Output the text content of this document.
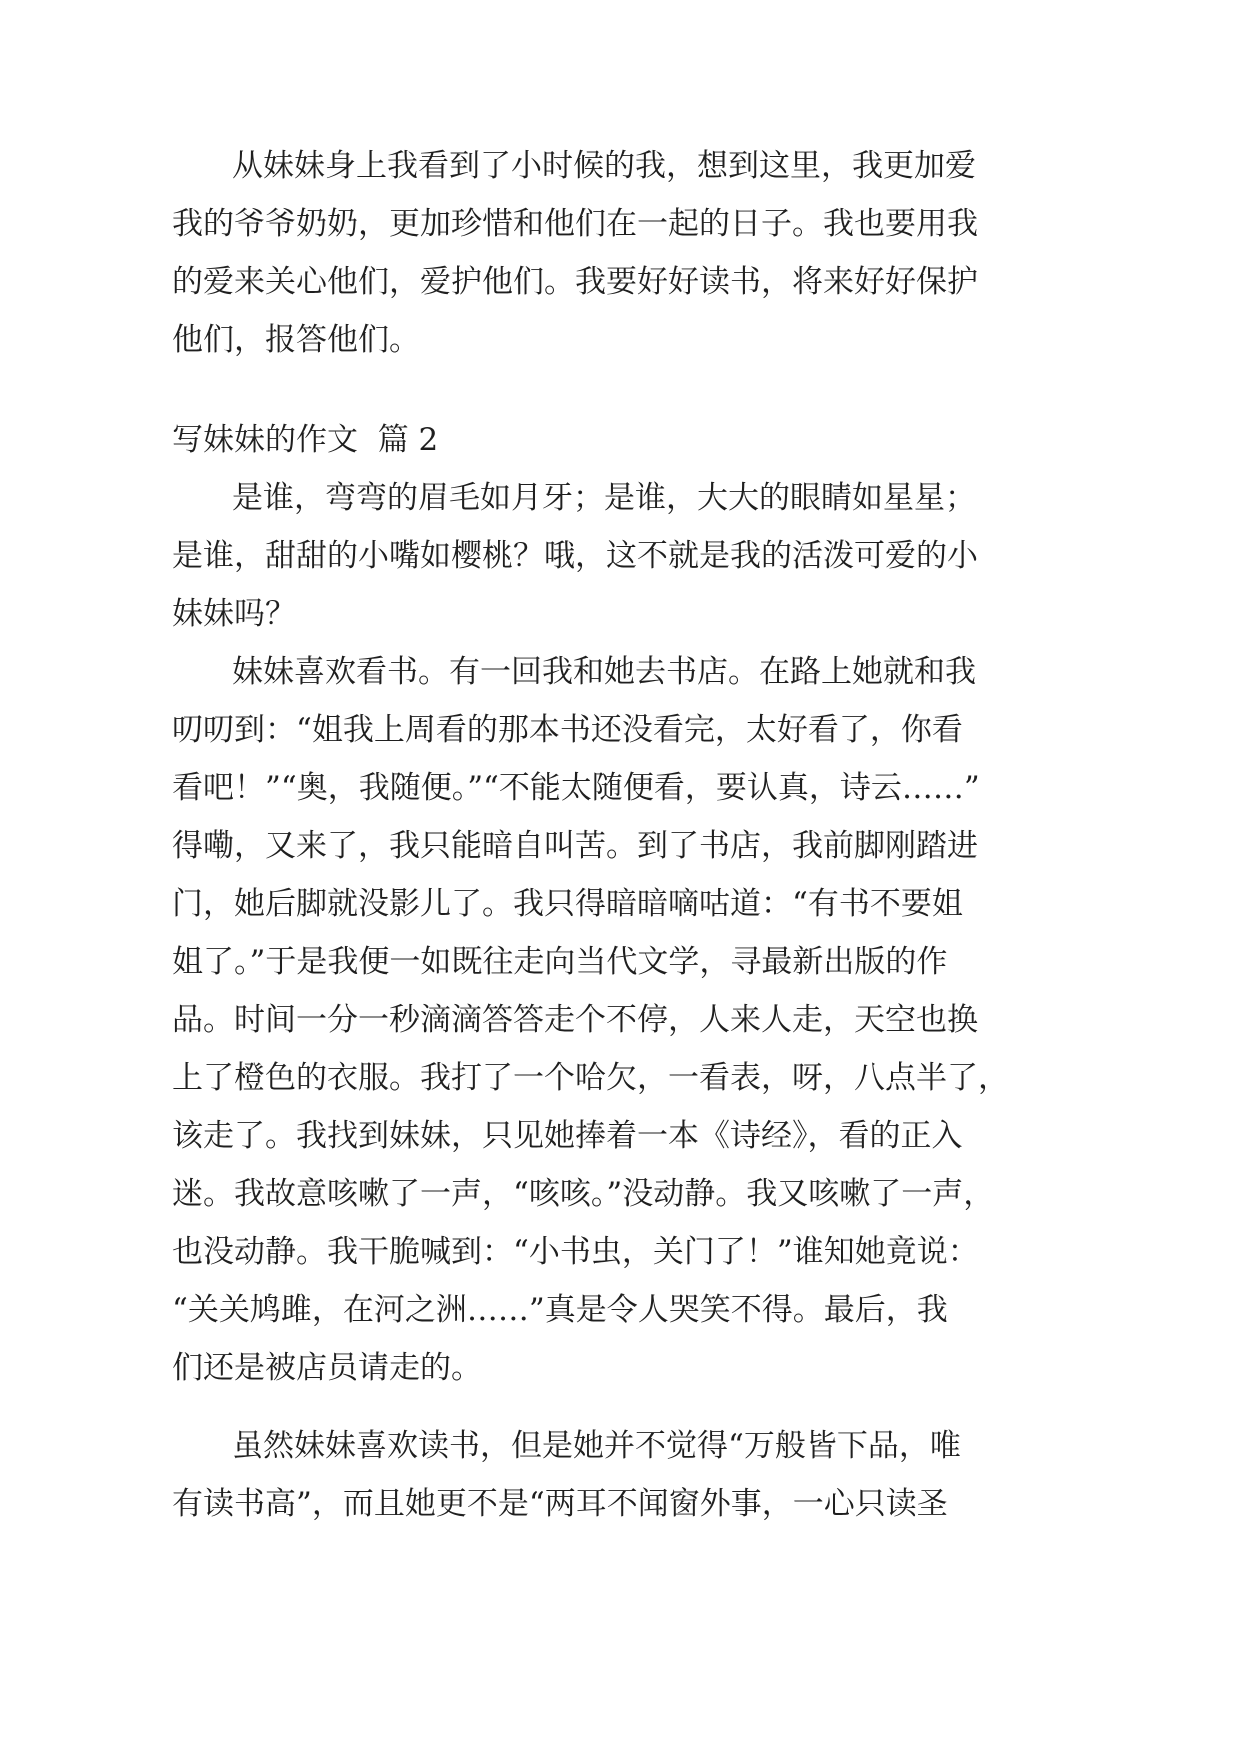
从妹妹身上我看到了小时候的我，想到这里，我更加爱

我的爷爷奶奶，更加珍惜和他们在一起的日子。我也要用我

的爱来关心他们，爱护他们。我要好好读书，将来好好保护

他们，报答他们。

写妹妹的作文  篇 2

是谁，弯弯的眉毛如月牙；是谁，大大的眼睛如星星；

是谁，甜甜的小嘴如樱桃？哦，这不就是我的活泼可爱的小

妹妹吗？

妹妹喜欢看书。有一回我和她去书店。在路上她就和我

叨叨到：“姐我上周看的那本书还没看完，太好看了，你看

看吧！”“奥，我随便。”“不能太随便看，要认真，诗云……”

得嘞，又来了，我只能暗自叫苦。到了书店，我前脚刚踏进

门，她后脚就没影儿了。我只得暗暗嘀咕道：“有书不要姐

姐了。”于是我便一如既往走向当代文学，寻最新出版的作

品。时间一分一秒滴滴答答走个不停，人来人走，天空也换

上了橙色的衣服。我打了一个哈欠，一看表，呀，八点半了，

该走了。我找到妹妹，只见她捧着一本《诗经》，看的正入

迷。我故意咳嗽了一声，“咳咳。”没动静。我又咳嗽了一声，

也没动静。我干脆喊到：“小书虫，关门了！”谁知她竟说：

“关关鸠雎，在河之洲……”真是令人哭笑不得。最后，我

们还是被店员请走的。

虽然妹妹喜欢读书，但是她并不觉得“万般皆下品，唯

有读书高”，而且她更不是“两耳不闻窗外事，一心只读圣
